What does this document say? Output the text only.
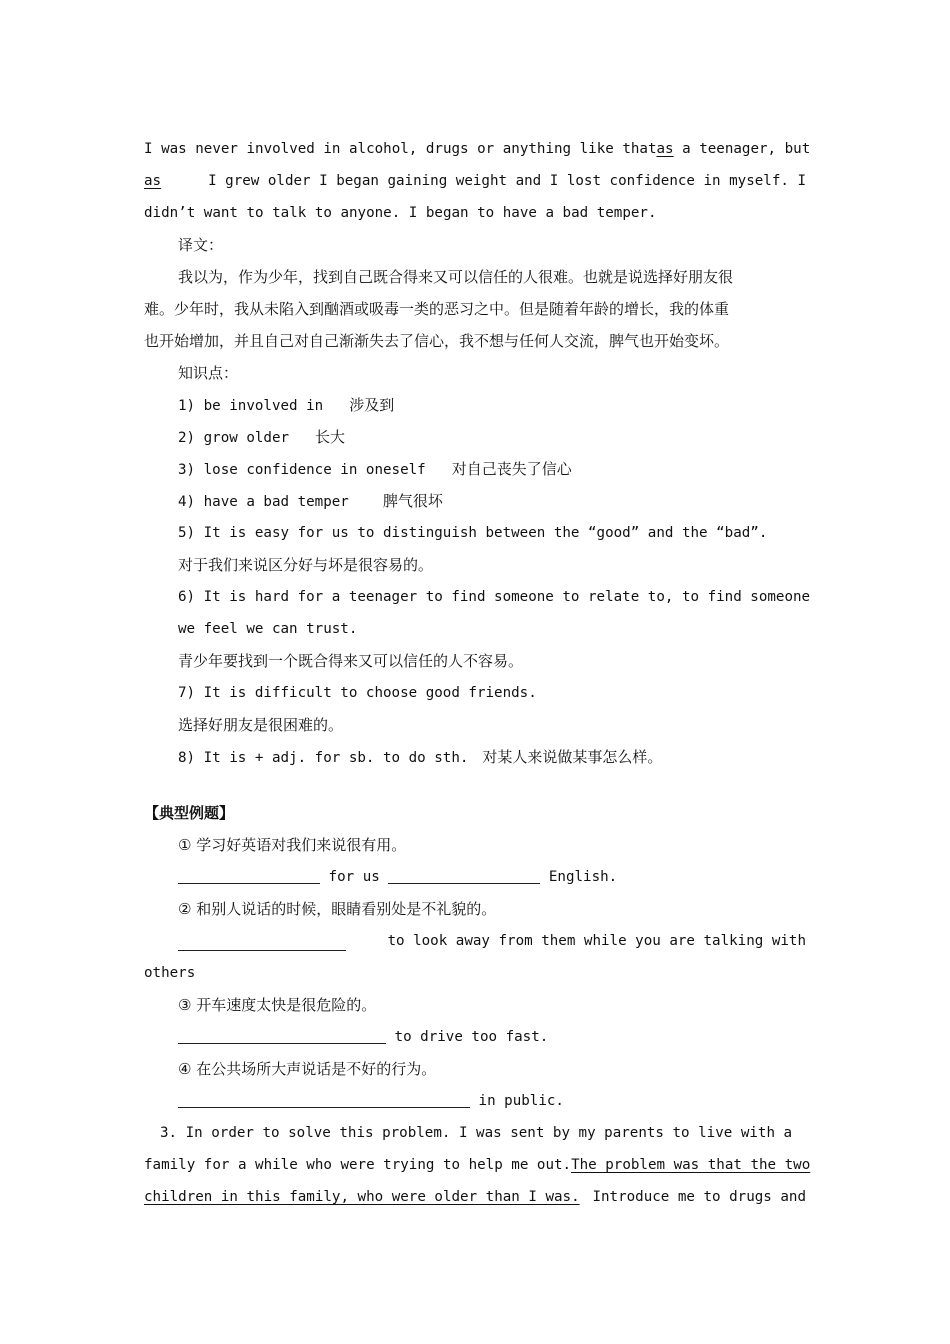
I was never involved in alcohol, drugs or anything like that as a teenager, but
as	I grew older I began gaining weight and I lost confidence in myself. I
didn’t want to talk to anyone. I began to have a bad temper.
译文：
我以为，作为少年，找到自己既合得来又可以信任的人很难。也就是说选择好朋友很
难。少年时，我从未陷入到酗酒或吸毒一类的恶习之中。但是随着年龄的增长，我的体重
也开始增加，并且自己对自己渐渐失去了信心，我不想与任何人交流，脾气也开始变坏。
知识点：
1) be involved in 涉及到
2) grow older 长大
3) lose confidence in oneself 对自己丧失了信心
4) have a bad temper 脾气很坏
5) It is easy for us to distinguish between the “good” and the “bad”.
对于我们来说区分好与坏是很容易的。
6) It is hard for a teenager to find someone to relate to, to find someone
we feel we can trust.
青少年要找到一个既合得来又可以信任的人不容易。
7) It is difficult to choose good friends.
选择好朋友是很困难的。
8) It is + adj. for sb. to do sth. 对某人来说做某事怎么样。
【典型例题】
① 学习好英语对我们来说很有用。
for us	English.
② 和别人说话的时候，眼睛看别处是不礼貌的。
to look away from them while you are talking with
others
③ 开车速度太快是很危险的。
to drive too fast.
④ 在公共场所大声说话是不好的行为。
in public.
3. In order to solve this problem. I was sent by my parents to live with a
family for a while who were trying to help me out. The problem was that the two
children in this family, who were older than I was. Introduce me to drugs and
